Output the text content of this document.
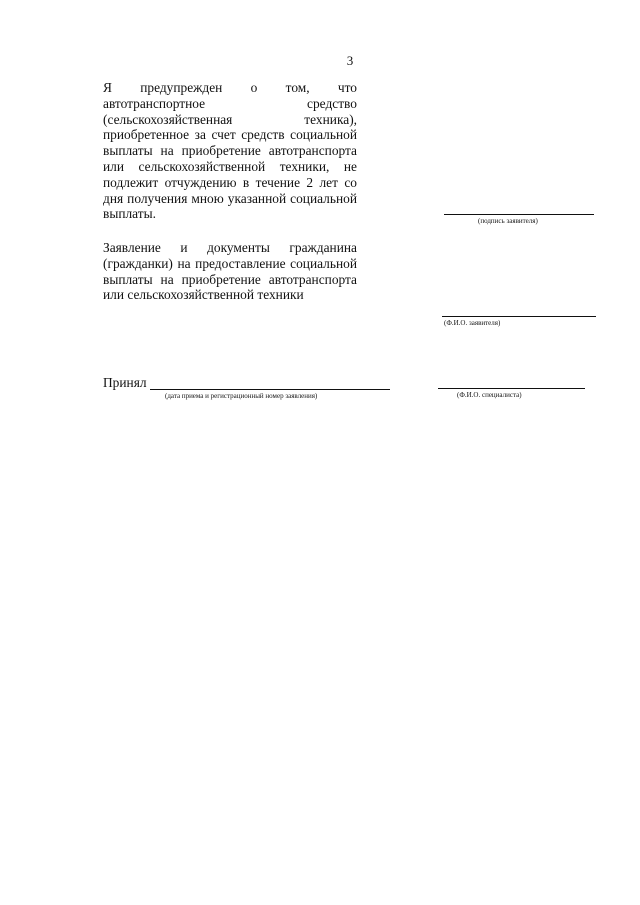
3
Я предупрежден о том, что автотранспортное средство (сельскохозяйственная техника), приобретенное за счет средств социальной выплаты на приобретение автотранспорта или сельскохозяйственной техники, не подлежит отчуждению в течение 2 лет со дня получения мною указанной социальной выплаты.	(подпись заявителя)
Заявление и документы гражданина (гражданки) на предоставление социальной выплаты на приобретение автотранспорта или сельскохозяйственной техники
(Ф.И.О. заявителя)
Принял
(дата приема и регистрационный номер заявления)	(Ф.И.О. специалиста)
